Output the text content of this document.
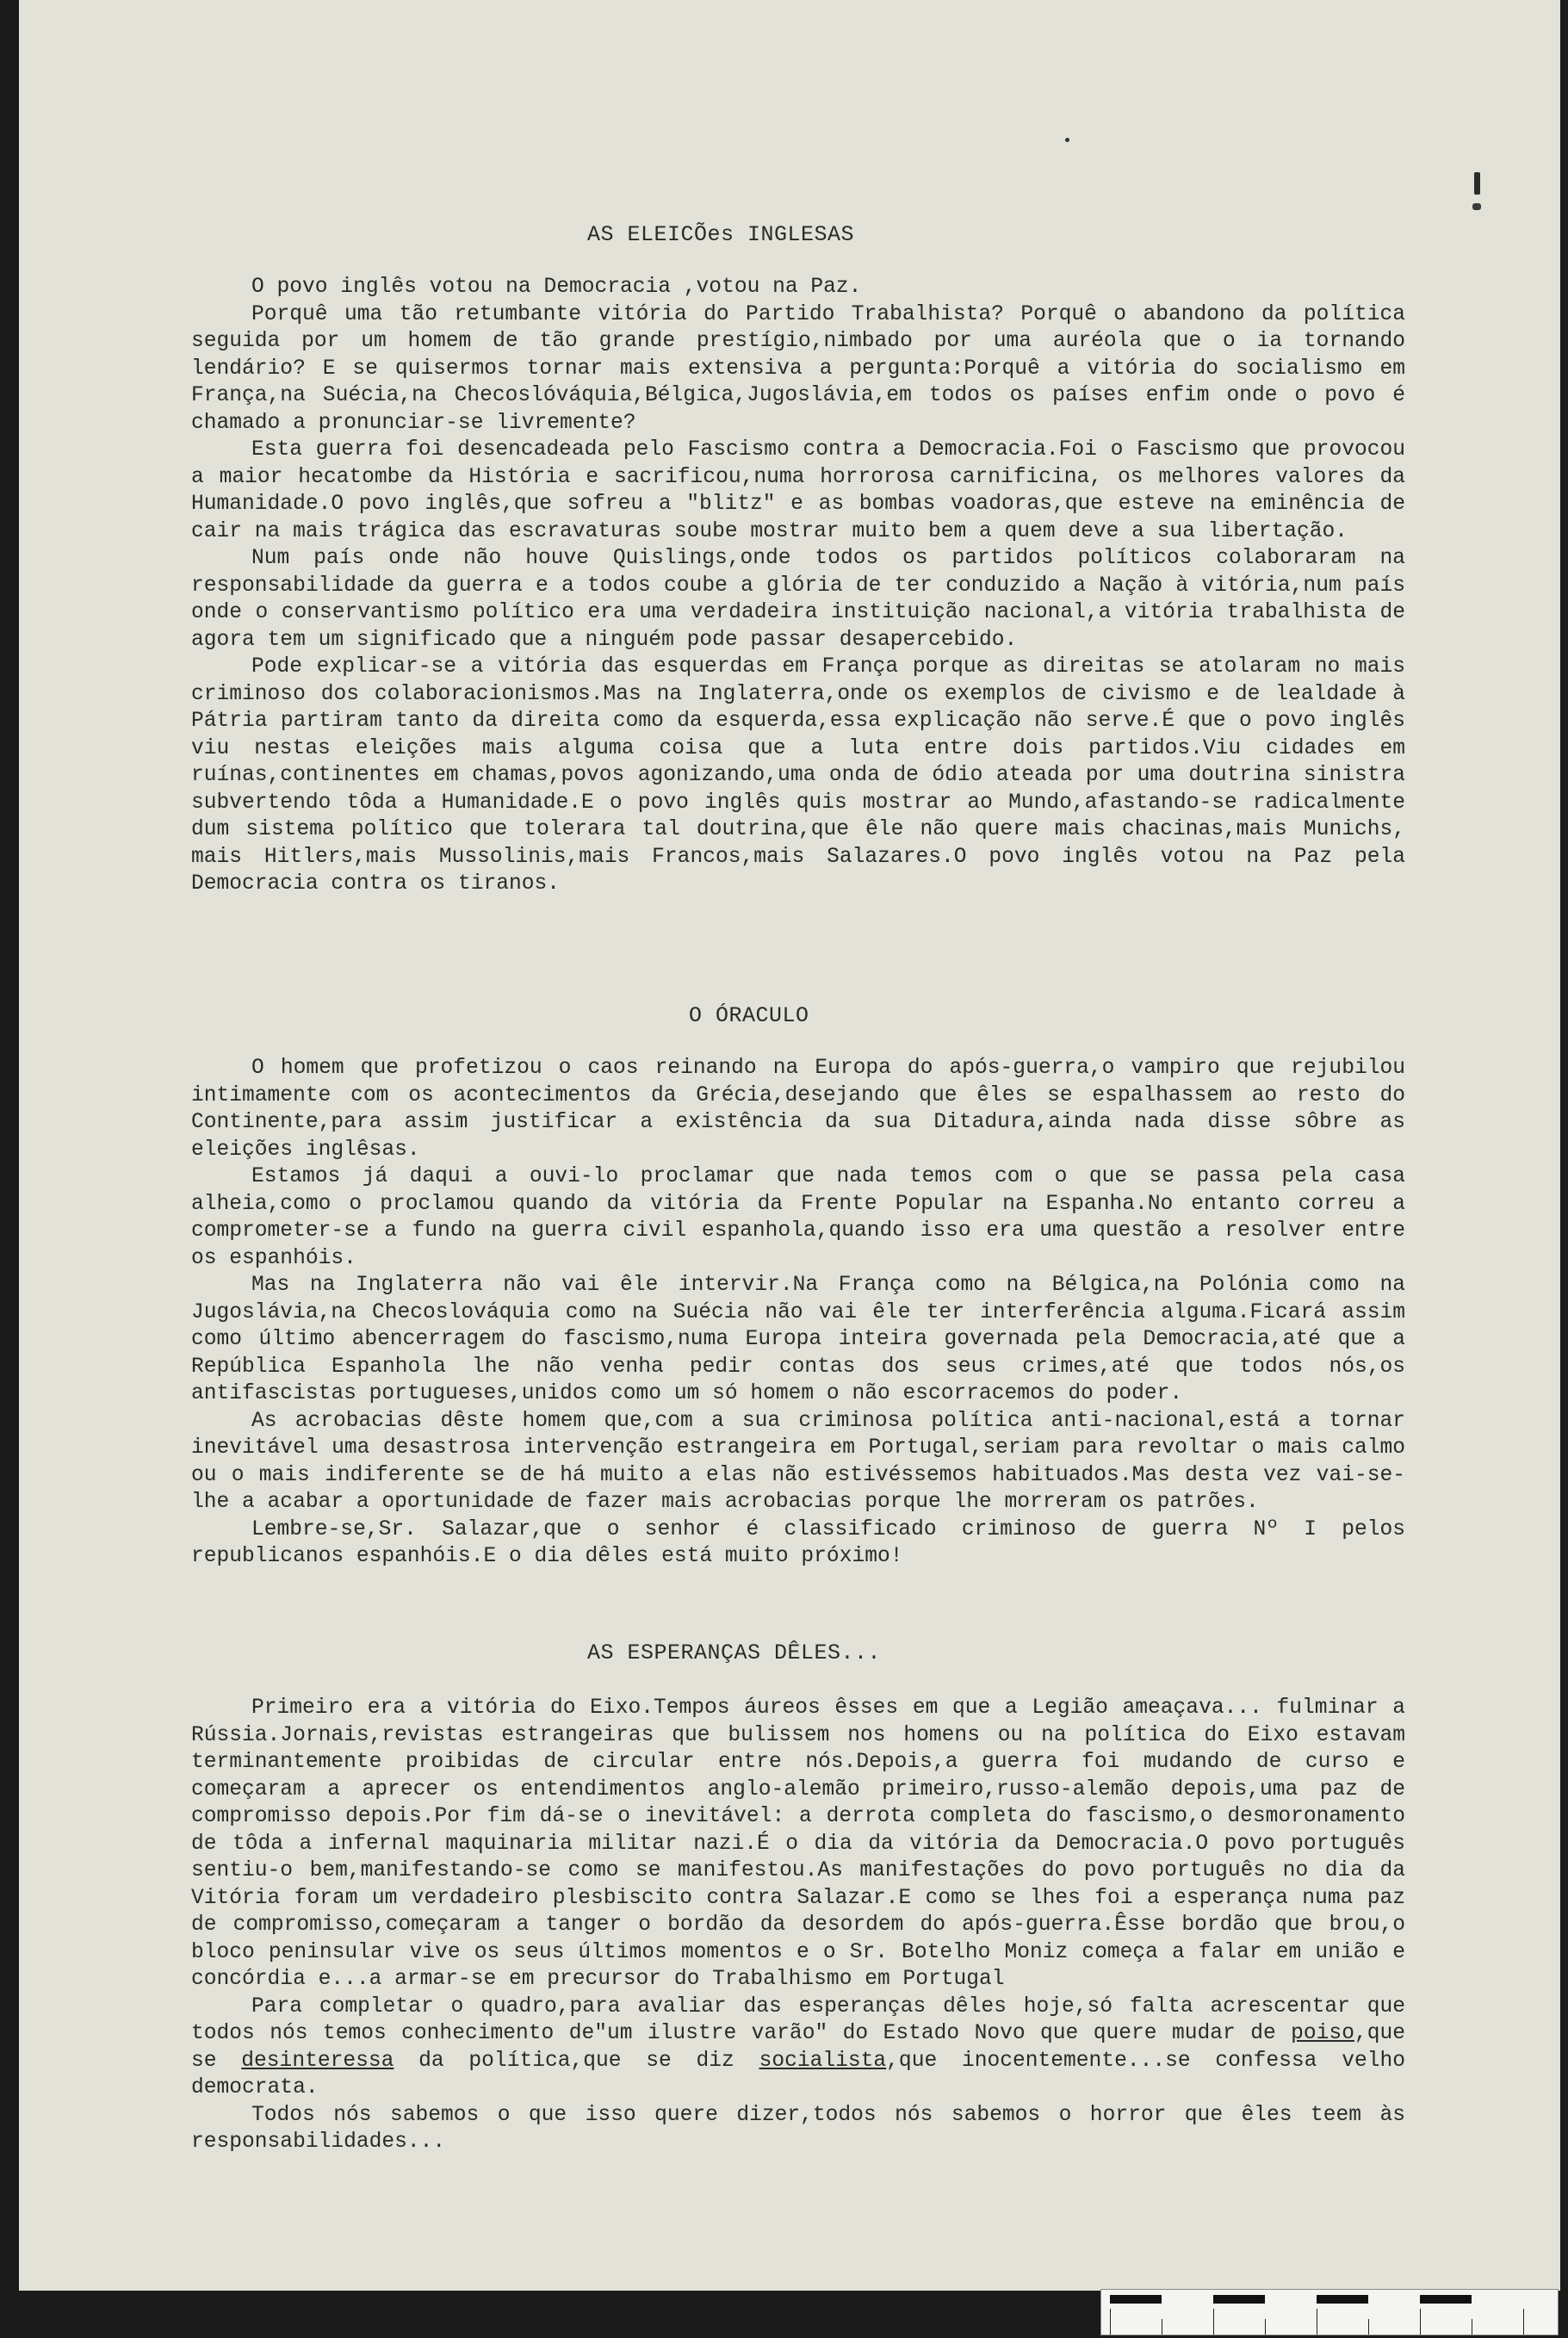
AS ELEICÕes INGLESAS

O povo inglês votou na Democracia ,votou na Paz.

Porquê uma tão retumbante vitória do Partido Trabalhista? Porquê o abandono da política seguida por um homem de tão grande prestígio,nimbado por uma auréola que o ia tornando lendário? E se quisermos tornar mais extensiva a pergunta:Porquê a vitória do socialismo em França,na Suécia,na Checoslóváquia,Bélgica,Jugoslávia,em todos os países enfim onde o povo é chamado a pronunciar-se livremente?

Esta guerra foi desencadeada pelo Fascismo contra a Democracia.Foi o Fascismo que provocou a maior hecatombe da História e sacrificou,numa horrorosa carnificina, os melhores valores da Humanidade.O povo inglês,que sofreu a "blitz" e as bombas voadoras,que esteve na eminência de cair na mais trágica das escravaturas soube mostrar muito bem a quem deve a sua libertação.

Num país onde não houve Quislings,onde todos os partidos políticos colaboraram na responsabilidade da guerra e a todos coube a glória de ter conduzido a Nação à vitória,num país onde o conservantismo político era uma verdadeira instituição nacional,a vitória trabalhista de agora tem um significado que a ninguém pode passar desapercebido.

Pode explicar-se a vitória das esquerdas em França porque as direitas se atolaram no mais criminoso dos colaboracionismos.Mas na Inglaterra,onde os exemplos de civismo e de lealdade à Pátria partiram tanto da direita como da esquerda,essa explicação não serve.É que o povo inglês viu nestas eleições mais alguma coisa que a luta entre dois partidos.Viu cidades em ruínas,continentes em chamas,povos agonizando,uma onda de ódio ateada por uma doutrina sinistra subvertendo tôda a Humanidade.E o povo inglês quis mostrar ao Mundo,afastando-se radicalmente dum sistema político que tolerara tal doutrina,que êle não quere mais chacinas,mais Munichs, mais Hitlers,mais Mussolinis,mais Francos,mais Salazares.O povo inglês votou na Paz pela Democracia contra os tiranos.

O ÓRACULO

O homem que profetizou o caos reinando na Europa do após-guerra,o vampiro que rejubilou intimamente com os acontecimentos da Grécia,desejando que êles se espalhassem ao resto do Continente,para assim justificar a existência da sua Ditadura,ainda nada disse sôbre as eleições inglêsas.

Estamos já daqui a ouvi-lo proclamar que nada temos com o que se passa pela casa alheia,como o proclamou quando da vitória da Frente Popular na Espanha.No entanto correu a comprometer-se a fundo na guerra civil espanhola,quando isso era uma questão a resolver entre os espanhóis.

Mas na Inglaterra não vai êle intervir.Na França como na Bélgica,na Polónia como na Jugoslávia,na Checoslováquia como na Suécia não vai êle ter interferência alguma.Ficará assim como último abencerragem do fascismo,numa Europa inteira governada pela Democracia,até que a República Espanhola lhe não venha pedir contas dos seus crimes,até que todos nós,os antifascistas portugueses,unidos como um só homem o não escorracemos do poder.

As acrobacias dêste homem que,com a sua criminosa política anti-nacional,está a tornar inevitável uma desastrosa intervenção estrangeira em Portugal,seriam para revoltar o mais calmo ou o mais indiferente se de há muito a elas não estivéssemos habituados.Mas desta vez vai-se-lhe a acabar a oportunidade de fazer mais acrobacias porque lhe morreram os patrões.

Lembre-se,Sr. Salazar,que o senhor é classificado criminoso de guerra Nº I pelos republicanos espanhóis.E o dia dêles está muito próximo!

AS ESPERANÇAS DÊLES...

Primeiro era a vitória do Eixo.Tempos áureos êsses em que a Legião ameaçava... fulminar a Rússia.Jornais,revistas estrangeiras que bulissem nos homens ou na política do Eixo estavam terminantemente proibidas de circular entre nós.Depois,a guerra foi mudando de curso e começaram a aprecer os entendimentos anglo-alemão primeiro,russo-alemão depois,uma paz de compromisso depois.Por fim dá-se o inevitável: a derrota completa do fascismo,o desmoronamento de tôda a infernal maquinaria militar nazi.É o dia da vitória da Democracia.O povo português sentiu-o bem,manifestando-se como se manifestou.As manifestações do povo português no dia da Vitória foram um verdadeiro plesbiscito contra Salazar.E como se lhes foi a esperança numa paz de compromisso,começaram a tanger o bordão da desordem do após-guerra.Êsse bordão que brou,o bloco peninsular vive os seus últimos momentos e o Sr. Botelho Moniz começa a falar em união e concórdia e...a armar-se em precursor do Trabalhismo em Portugal

Para completar o quadro,para avaliar das esperanças dêles hoje,só falta acrescentar que todos nós temos conhecimento de"um ilustre varão" do Estado Novo que quere mudar de poiso,que se desinteressa da política,que se diz socialista,que inocentemente...se confessa velho democrata.

Todos nós sabemos o que isso quere dizer,todos nós sabemos o horror que êles teem às responsabilidades...
